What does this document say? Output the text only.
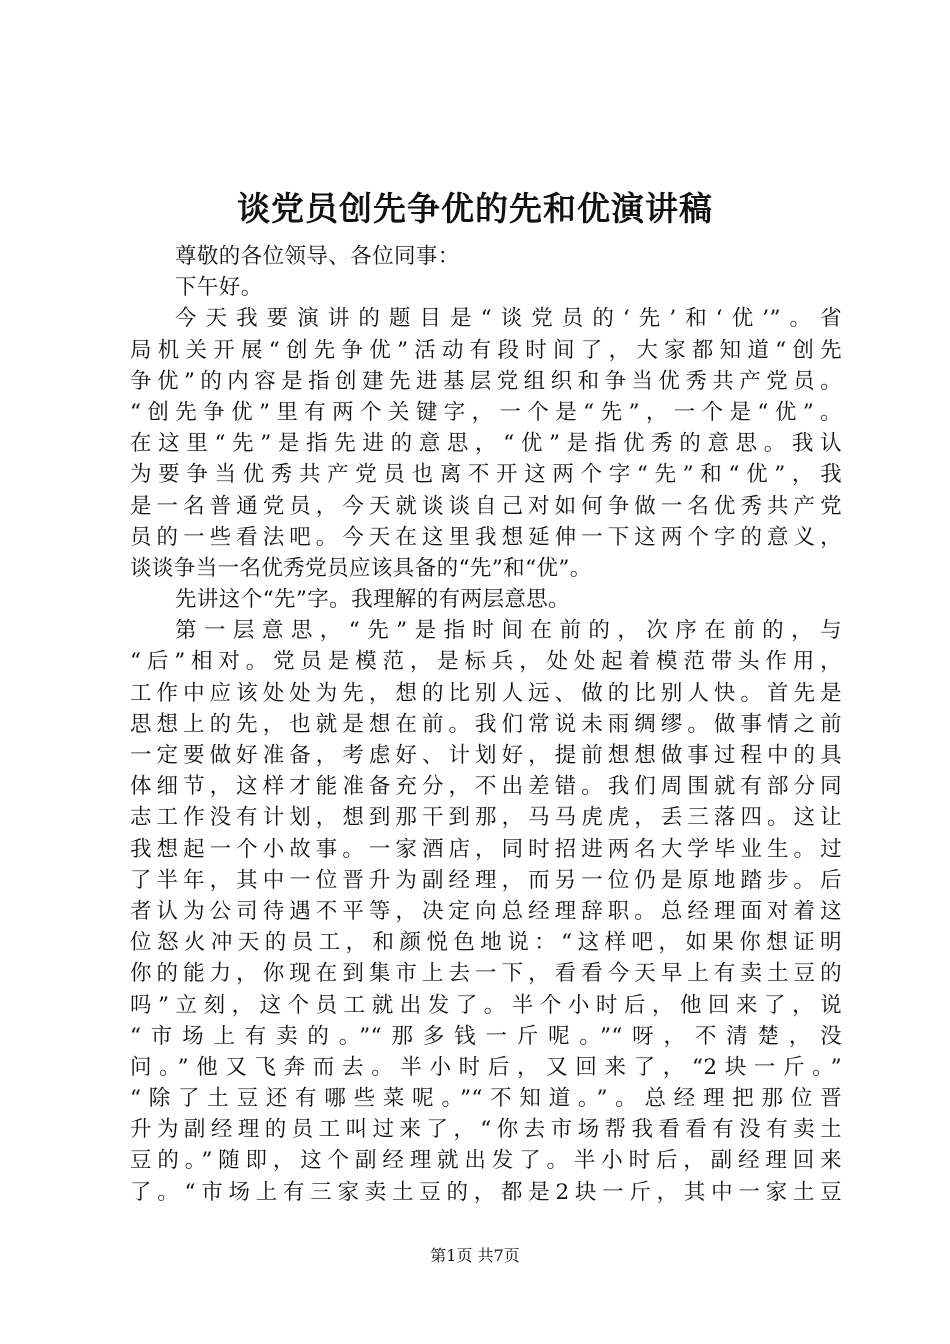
谈党员创先争优的先和优演讲稿
尊敬的各位领导、各位同事：
下午好。
今天我要演讲的题目是“谈党员的‘先’和‘优’”。省
局机关开展“创先争优”活动有段时间了，大家都知道“创先
争优”的内容是指创建先进基层党组织和争当优秀共产党员。
“创先争优”里有两个关键字，一个是“先”，一个是“优”。
在这里“先”是指先进的意思，“优”是指优秀的意思。我认
为要争当优秀共产党员也离不开这两个字“先”和“优”，我
是一名普通党员，今天就谈谈自己对如何争做一名优秀共产党
员的一些看法吧。今天在这里我想延伸一下这两个字的意义，
谈谈争当一名优秀党员应该具备的“先”和“优”。
先讲这个“先”字。我理解的有两层意思。
第一层意思，“先”是指时间在前的，次序在前的，与
“后”相对。党员是模范，是标兵，处处起着模范带头作用，
工作中应该处处为先，想的比别人远、做的比别人快。首先是
思想上的先，也就是想在前。我们常说未雨绸缪。做事情之前
一定要做好准备，考虑好、计划好，提前想想做事过程中的具
体细节，这样才能准备充分，不出差错。我们周围就有部分同
志工作没有计划，想到那干到那，马马虎虎，丢三落四。这让
我想起一个小故事。一家酒店，同时招进两名大学毕业生。过
了半年，其中一位晋升为副经理，而另一位仍是原地踏步。后
者认为公司待遇不平等，决定向总经理辞职。总经理面对着这
位怒火冲天的员工，和颜悦色地说：“这样吧，如果你想证明
你的能力，你现在到集市上去一下，看看今天早上有卖土豆的
吗”立刻，这个员工就出发了。半个小时后，他回来了，说
“市场上有卖的。”“那多钱一斤呢。”“呀，不清楚，没
问。”他又飞奔而去。半小时后，又回来了，“2块一斤。”
“除了土豆还有哪些菜呢。”“不知道。”。总经理把那位晋
升为副经理的员工叫过来了，“你去市场帮我看看有没有卖土
豆的。”随即，这个副经理就出发了。半小时后，副经理回来
了。“市场上有三家卖土豆的，都是2块一斤，其中一家土豆
第1页 共7页
